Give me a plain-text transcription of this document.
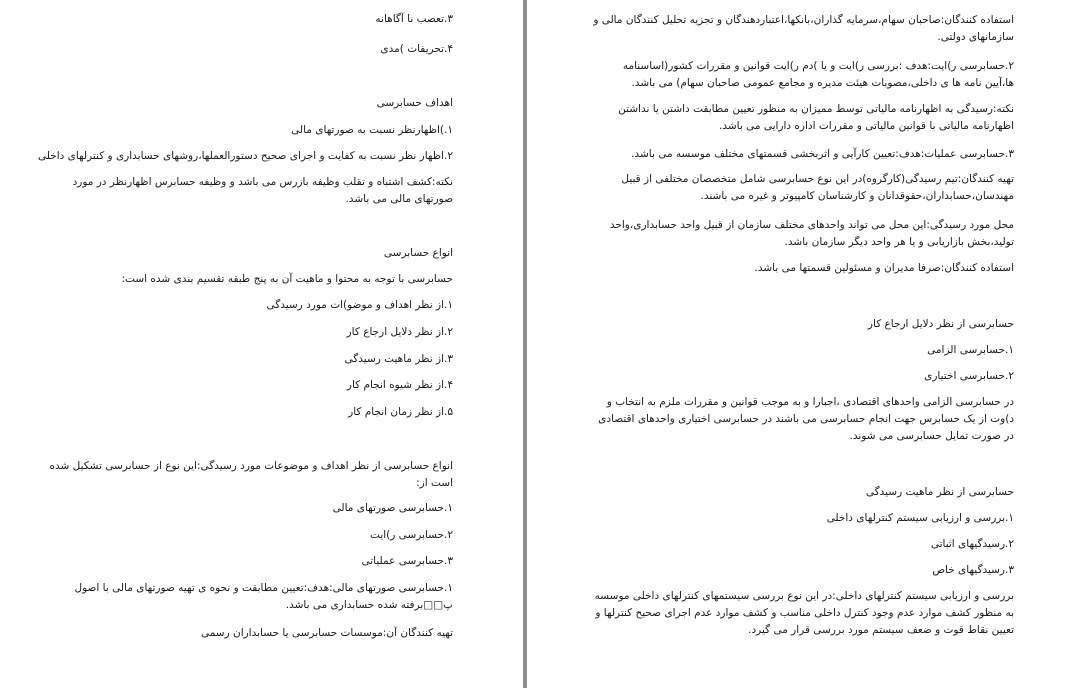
۳.تعصب نا آگاهانه

۴.تحریفات )مدی

اهداف حسابرسی

۱.)اظهارنظر نسبت به صورتهای مالی

۲.اظهار نظر نسبت به کفایت و اجرای صحیح دستورالعملها،روشهای حسابداری و کنترلهای داخلی

نکته:کشف اشتباه و تقلب وظیفه بازرس می باشد و وظیفه حسابرس اظهارنظر در مورد صورتهای مالی می باشد.

انواع حسابرسی

حسابرسی با توجه به محتوا و ماهیت آن به پنج طبقه تقسیم بندی شده است:

۱.از نظر اهداف و موضو)ات مورد رسیدگی

۲.از نظر دلایل ارجاع کار

۳.از نظر ماهیت رسیدگی

۴.از نظر شیوه انجام کار

۵.از نظر زمان انجام کار

انواع حسابرسی از نظر اهداف و موضوعات مورد رسیدگی:این نوع از حسابرسی تشکیل شده است از:

۱.حسابرسی صورتهای مالی

۲.حسابرسی ر)ایت

۳.حسابرسی عملیاتی

۱.حسابرسی صورتهای مالی:هدف:تعیین مطابقت و نحوه ی تهیه صورتهای مالی با اصول پ□□برفته شده حسابداری می باشد.

تهیه کنندگان آن:موسسات حسابرسی یا حسابداران رسمی

استفاده کنندگان:صاحبان سهام،سرمایه گذاران،بانکها،اعتباردهندگان و تجزیه تحلیل کنندگان مالی و سازمانهای دولتی.

۲.حسابرسی ر)ایت:هدف :بررسی ر)ایت و یا )دم ر)ایت قوانین و مقررات کشور(اساسنامه ها،آیین نامه ها ی داخلی،مصوبات هیئت مدیره و مجامع عمومی صاحبان سهام) می باشد.

نکته:رسیدگی به اظهارنامه مالیاتی توسط ممیزان به منظور تعیین مطابقت داشتن یا نداشتن اظهارنامه مالیاتی با قوانین مالیاتی و مقررات اداره دارایی می باشد.

۳.حسابرسی عملیات:هدف:تعیین کارآیی و اثربخشی قسمتهای مختلف موسسه می باشد.

تهیه کنندگان:تیم رسیدگی(کارگروه)در این نوع حسابرسی شامل متخصصان مختلفی از قبیل مهندسان،حسابداران،حقوقدانان و کارشناسان کامپیوتر و غیره می باشند.

محل مورد رسیدگی:این محل می تواند واحدهای مختلف سازمان از قبیل واحد حسابداری،واحد تولید،بخش بازاریابی و یا هر واحد دیگر سازمان باشد.

استفاده کنندگان:صرفا مدیران و مسئولین قسمتها می باشد.

حسابرسی از نظر دلایل ارجاع کار

۱.حسابرسی الزامی

۲.حسابرسی اختیاری

در حسابرسی الزامی واحدهای اقتصادی ،اجبارا و به موجب قوانین و مقررات ملزم به انتخاب و د)وت از یک حسابرس جهت انجام حسابرسی می باشند در حسابرسی اختیاری واحدهای اقتصادی در صورت تمایل حسابرسی می شوند.

حسابرسی از نظر ماهیت رسیدگی

۱.بررسی و ارزیابی سیستم کنترلهای داخلی

۲.رسیدگیهای اثباتی

۳.رسیدگیهای خاص

بررسی و ارزیابی سیستم کنترلهای داخلی:در این نوع بررسی سیستمهای کنترلهای داخلی موسسه به منظور کشف موارد عدم وجود کنترل داخلی مناسب و کشف موارد عدم اجرای صحیح کنترلها و تعیین نقاط قوت و ضعف سیستم مورد بررسی قرار می گیرد.
